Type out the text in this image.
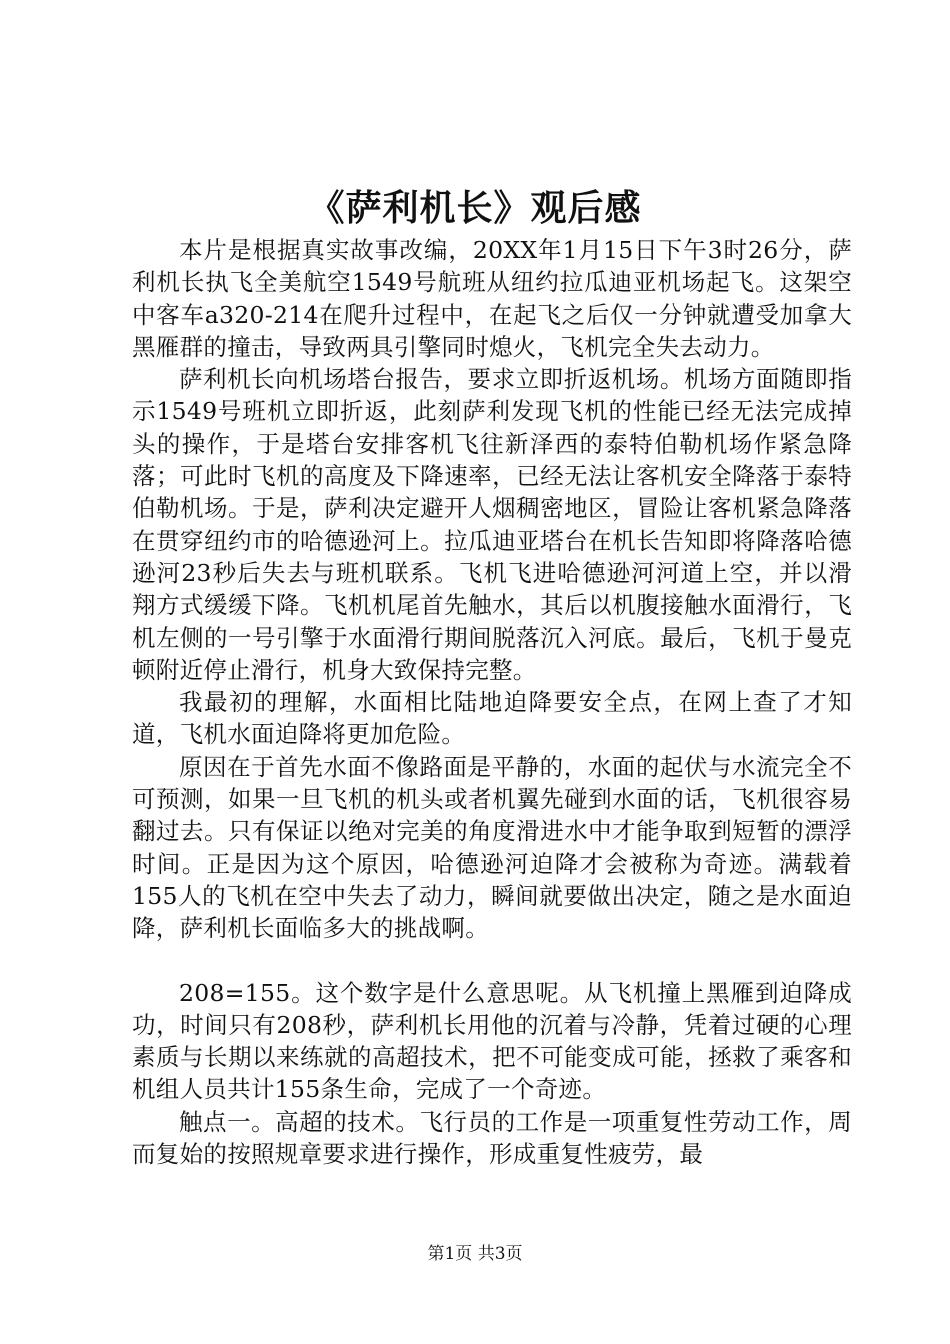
《萨利机长》观后感

本片是根据真实故事改编，20XX年1月15日下午3时26分，萨利机长执飞全美航空1549号航班从纽约拉瓜迪亚机场起飞。这架空中客车a320-214在爬升过程中，在起飞之后仅一分钟就遭受加拿大黑雁群的撞击，导致两具引擎同时熄火，飞机完全失去动力。

萨利机长向机场塔台报告，要求立即折返机场。机场方面随即指示1549号班机立即折返，此刻萨利发现飞机的性能已经无法完成掉头的操作，于是塔台安排客机飞往新泽西的泰特伯勒机场作紧急降落；可此时飞机的高度及下降速率，已经无法让客机安全降落于泰特伯勒机场。于是，萨利决定避开人烟稠密地区，冒险让客机紧急降落在贯穿纽约市的哈德逊河上。拉瓜迪亚塔台在机长告知即将降落哈德逊河23秒后失去与班机联系。飞机飞进哈德逊河河道上空，并以滑翔方式缓缓下降。飞机机尾首先触水，其后以机腹接触水面滑行，飞机左侧的一号引擎于水面滑行期间脱落沉入河底。最后，飞机于曼克顿附近停止滑行，机身大致保持完整。

我最初的理解，水面相比陆地迫降要安全点，在网上查了才知道，飞机水面迫降将更加危险。

原因在于首先水面不像路面是平静的，水面的起伏与水流完全不可预测，如果一旦飞机的机头或者机翼先碰到水面的话，飞机很容易翻过去。只有保证以绝对完美的角度滑进水中才能争取到短暂的漂浮时间。正是因为这个原因，哈德逊河迫降才会被称为奇迹。满载着155人的飞机在空中失去了动力，瞬间就要做出决定，随之是水面迫降，萨利机长面临多大的挑战啊。

208=155。这个数字是什么意思呢。从飞机撞上黑雁到迫降成功，时间只有208秒，萨利机长用他的沉着与冷静，凭着过硬的心理素质与长期以来练就的高超技术，把不可能变成可能，拯救了乘客和机组人员共计155条生命，完成了一个奇迹。

触点一。高超的技术。飞行员的工作是一项重复性劳动工作，周而复始的按照规章要求进行操作，形成重复性疲劳，最

第1页 共3页
